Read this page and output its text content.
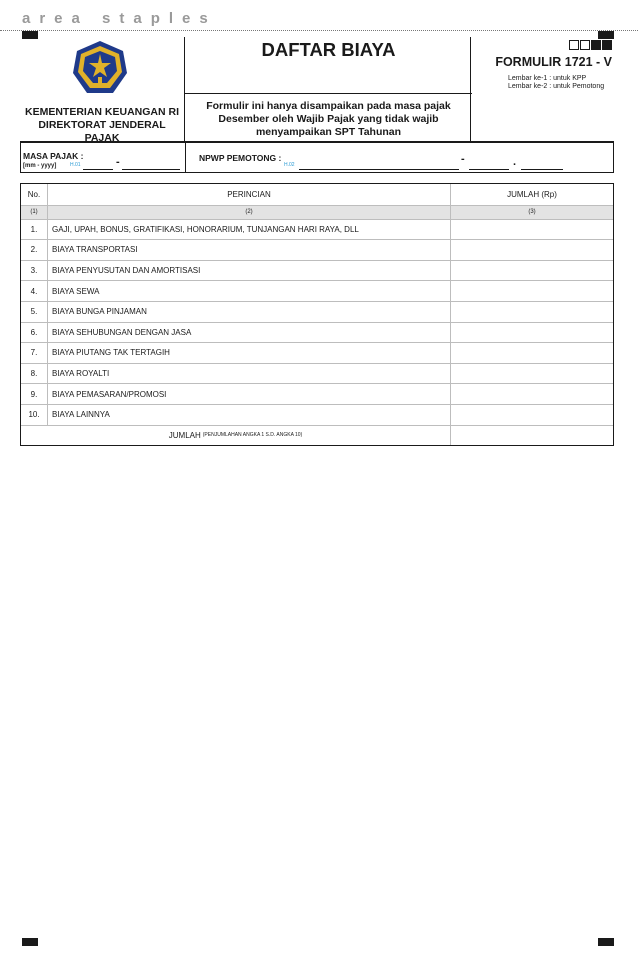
area staples
KEMENTERIAN KEUANGAN RI
DIREKTORAT JENDERAL PAJAK
DAFTAR BIAYA
Formulir ini hanya disampaikan pada masa pajak Desember oleh Wajib Pajak yang tidak wajib menyampaikan SPT Tahunan
FORMULIR 1721 - V
Lembar ke-1 : untuk KPP
Lembar ke-2 : untuk Pemotong
MASA PAJAK :
[mm - yyyy]	H.01	-	NPWP PEMOTONG :
H.02	-	.
No.	PERINCIAN	JUMLAH (Rp)
(1)	(2)	(3)
1.	GAJI, UPAH, BONUS, GRATIFIKASI, HONORARIUM, TUNJANGAN HARI RAYA, DLL
2.	BIAYA TRANSPORTASI
3.	BIAYA PENYUSUTAN DAN AMORTISASI
4.	BIAYA SEWA
5.	BIAYA BUNGA PINJAMAN
6.	BIAYA SEHUBUNGAN DENGAN JASA
7.	BIAYA PIUTANG TAK TERTAGIH
8.	BIAYA ROYALTI
9.	BIAYA PEMASARAN/PROMOSI
10.	BIAYA LAINNYA
JUMLAH (PENJUMLAHAN ANGKA 1 S.D. ANGKA 10)
